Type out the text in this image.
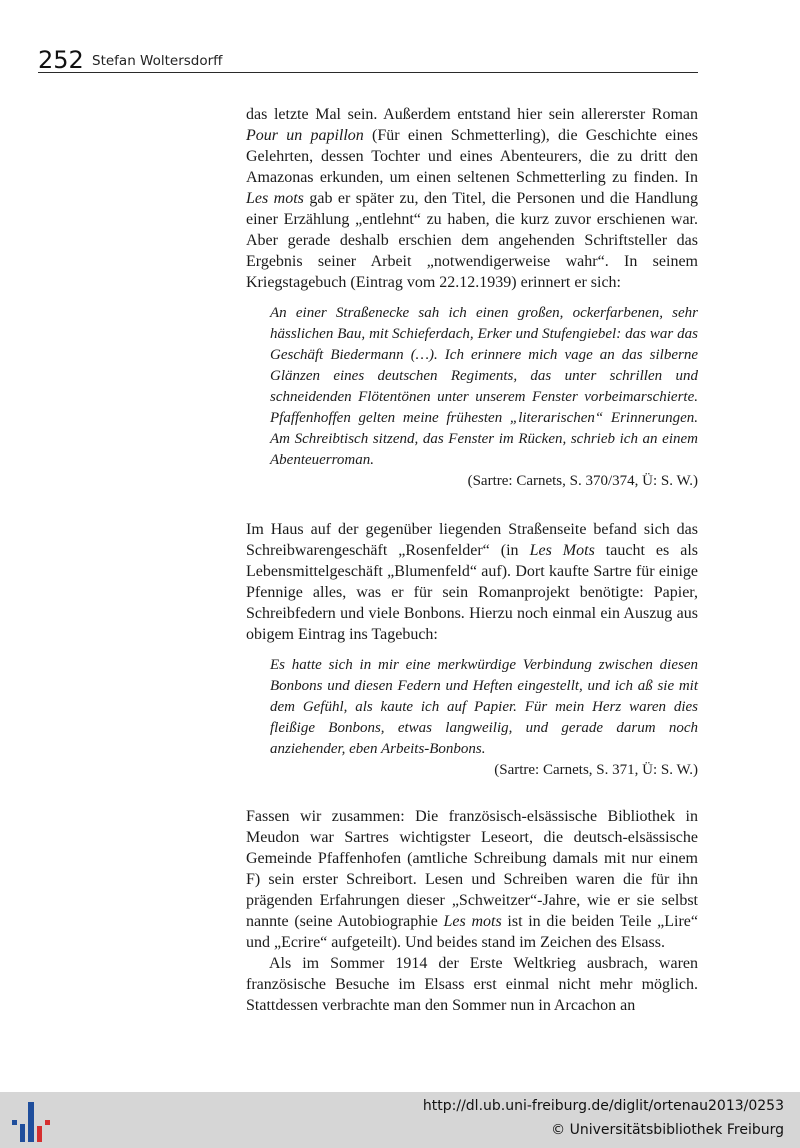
252 Stefan Woltersdorff

das letzte Mal sein. Außerdem entstand hier sein allererster Roman Pour un papillon (Für einen Schmetterling), die Geschichte eines Gelehrten, dessen Tochter und eines Abenteurers, die zu dritt den Amazonas erkunden, um einen seltenen Schmetterling zu finden. In Les mots gab er später zu, den Titel, die Personen und die Handlung einer Erzählung „entlehnt“ zu haben, die kurz zuvor erschienen war. Aber gerade deshalb erschien dem angehenden Schriftsteller das Ergebnis seiner Arbeit „notwendigerweise wahr“. In seinem Kriegstagebuch (Eintrag vom 22.12.1939) erinnert er sich:

An einer Straßenecke sah ich einen großen, ockerfarbenen, sehr hässlichen Bau, mit Schieferdach, Erker und Stufengiebel: das war das Geschäft Biedermann (…). Ich erinnere mich vage an das silberne Glänzen eines deutschen Regiments, das unter schrillen und schneidenden Flötentönen unter unserem Fenster vorbeimarschierte. Pfaffenhoffen gelten meine frühesten „literarischen“ Erinnerungen. Am Schreibtisch sitzend, das Fenster im Rücken, schrieb ich an einem Abenteuerroman.

(Sartre: Carnets, S. 370/374, Ü: S. W.)

Im Haus auf der gegenüber liegenden Straßenseite befand sich das Schreibwarengeschäft „Rosenfelder“ (in Les Mots taucht es als Lebensmittelgeschäft „Blumenfeld“ auf). Dort kaufte Sartre für einige Pfennige alles, was er für sein Romanprojekt benötigte: Papier, Schreibfedern und viele Bonbons. Hierzu noch einmal ein Auszug aus obigem Eintrag ins Tagebuch:

Es hatte sich in mir eine merkwürdige Verbindung zwischen diesen Bonbons und diesen Federn und Heften eingestellt, und ich aß sie mit dem Gefühl, als kaute ich auf Papier. Für mein Herz waren dies fleißige Bonbons, etwas langweilig, und gerade darum noch anziehender, eben Arbeits-Bonbons.

(Sartre: Carnets, S. 371, Ü: S. W.)

Fassen wir zusammen: Die französisch-elsässische Bibliothek in Meudon war Sartres wichtigster Leseort, die deutsch-elsässische Gemeinde Pfaffenhofen (amtliche Schreibung damals mit nur einem F) sein erster Schreibort. Lesen und Schreiben waren die für ihn prägenden Erfahrungen dieser „Schweitzer“-Jahre, wie er sie selbst nannte (seine Autobiographie Les mots ist in die beiden Teile „Lire“ und „Ecrire“ aufgeteilt). Und beides stand im Zeichen des Elsass.

Als im Sommer 1914 der Erste Weltkrieg ausbrach, waren französische Besuche im Elsass erst einmal nicht mehr möglich. Stattdessen verbrachte man den Sommer nun in Arcachon an

http://dl.ub.uni-freiburg.de/diglit/ortenau2013/0253
© Universitätsbibliothek Freiburg
